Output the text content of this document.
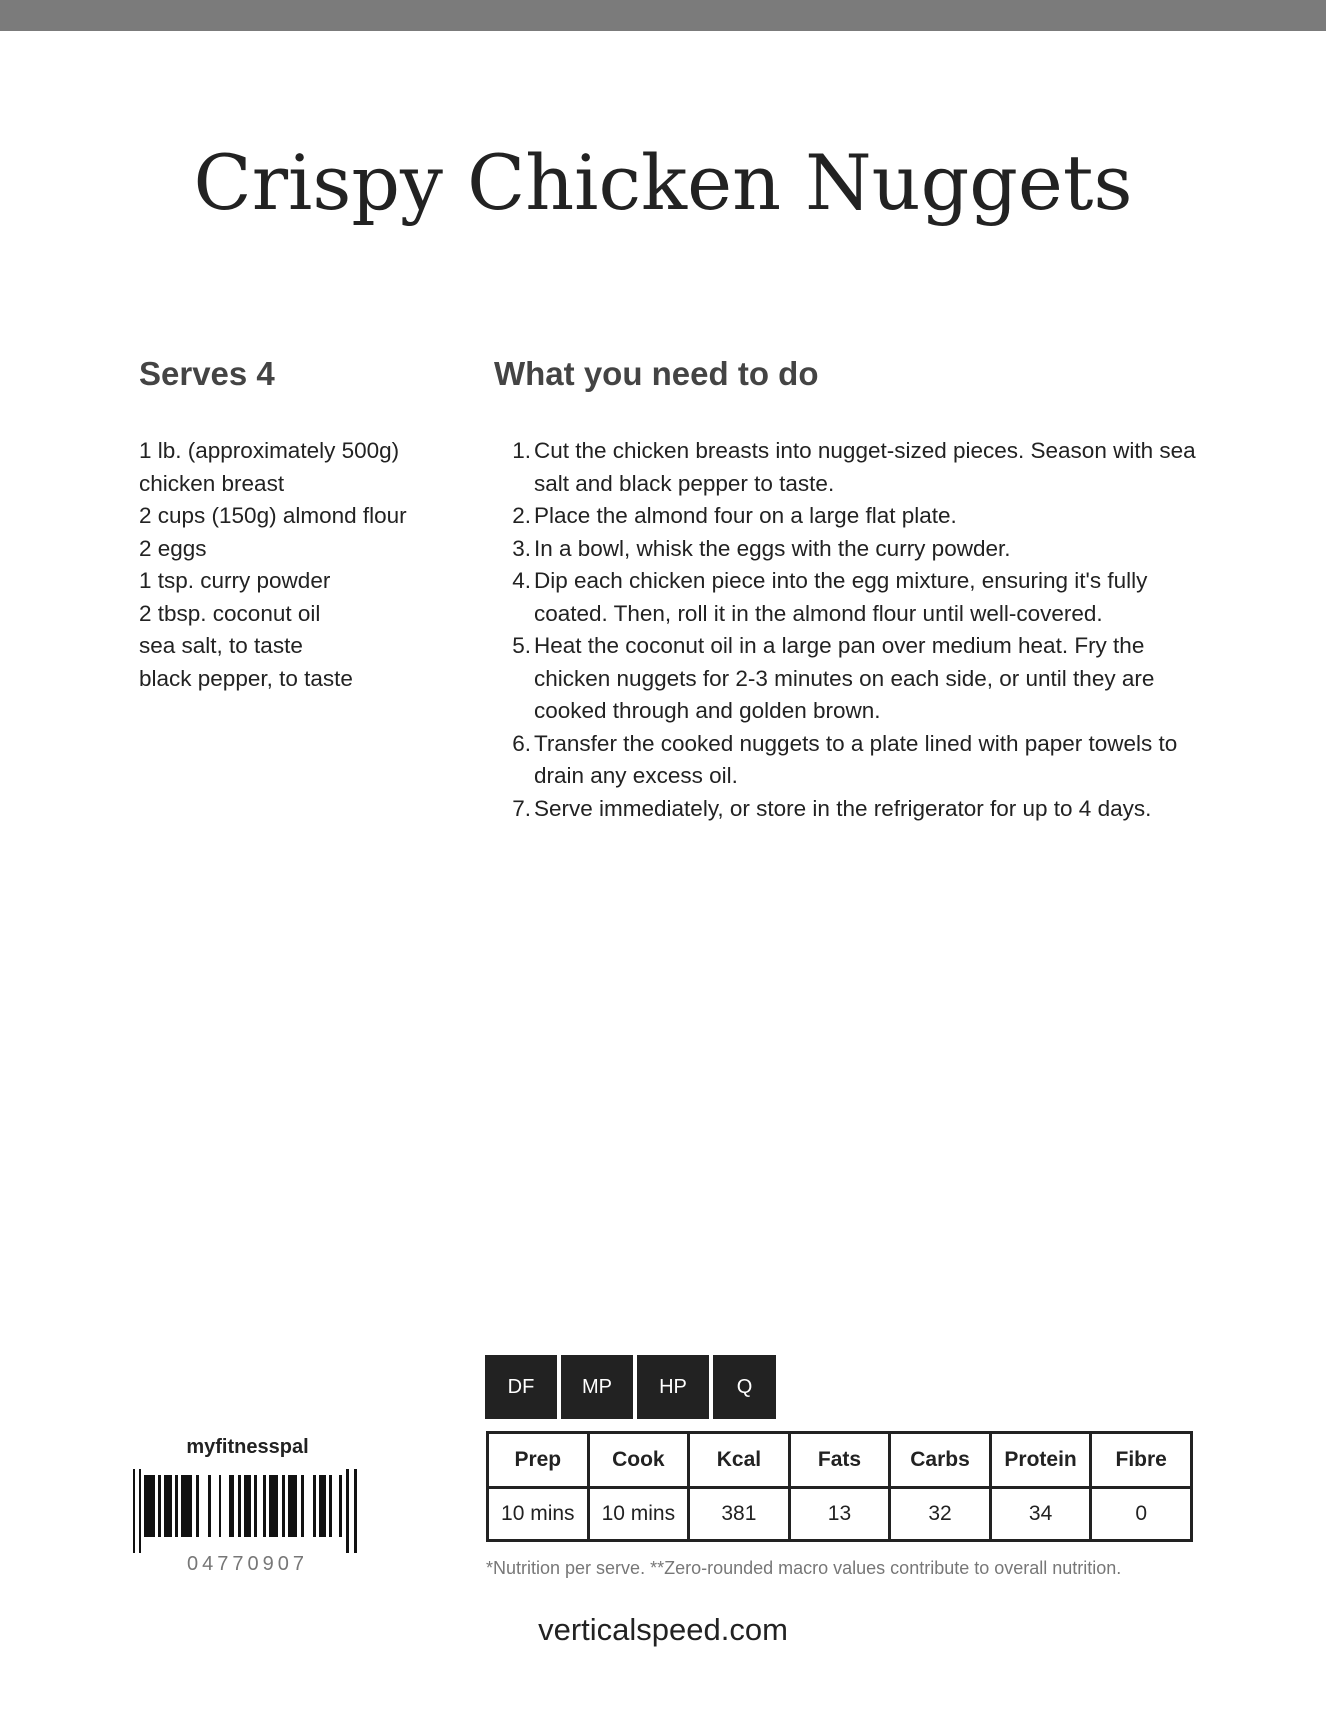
Crispy Chicken Nuggets
Serves 4	What you need to do
1 lb. (approximately 500g)
chicken breast
2 cups (150g) almond flour
2 eggs
1 tsp. curry powder
2 tbsp. coconut oil
sea salt, to taste
black pepper, to taste
1. Cut the chicken breasts into nugget-sized pieces. Season with sea salt and black pepper to taste.
2. Place the almond four on a large flat plate.
3. In a bowl, whisk the eggs with the curry powder.
4. Dip each chicken piece into the egg mixture, ensuring it's fully coated. Then, roll it in the almond flour until well-covered.
5. Heat the coconut oil in a large pan over medium heat. Fry the chicken nuggets for 2-3 minutes on each side, or until they are cooked through and golden brown.
6. Transfer the cooked nuggets to a plate lined with paper towels to drain any excess oil.
7. Serve immediately, or store in the refrigerator for up to 4 days.
DF	MP	HP	Q
myfitnesspal
04770907
Prep	Cook	Kcal	Fats	Carbs	Protein	Fibre
10 mins	10 mins	381	13	32	34	0
*Nutrition per serve. **Zero-rounded macro values contribute to overall nutrition.
verticalspeed.com
